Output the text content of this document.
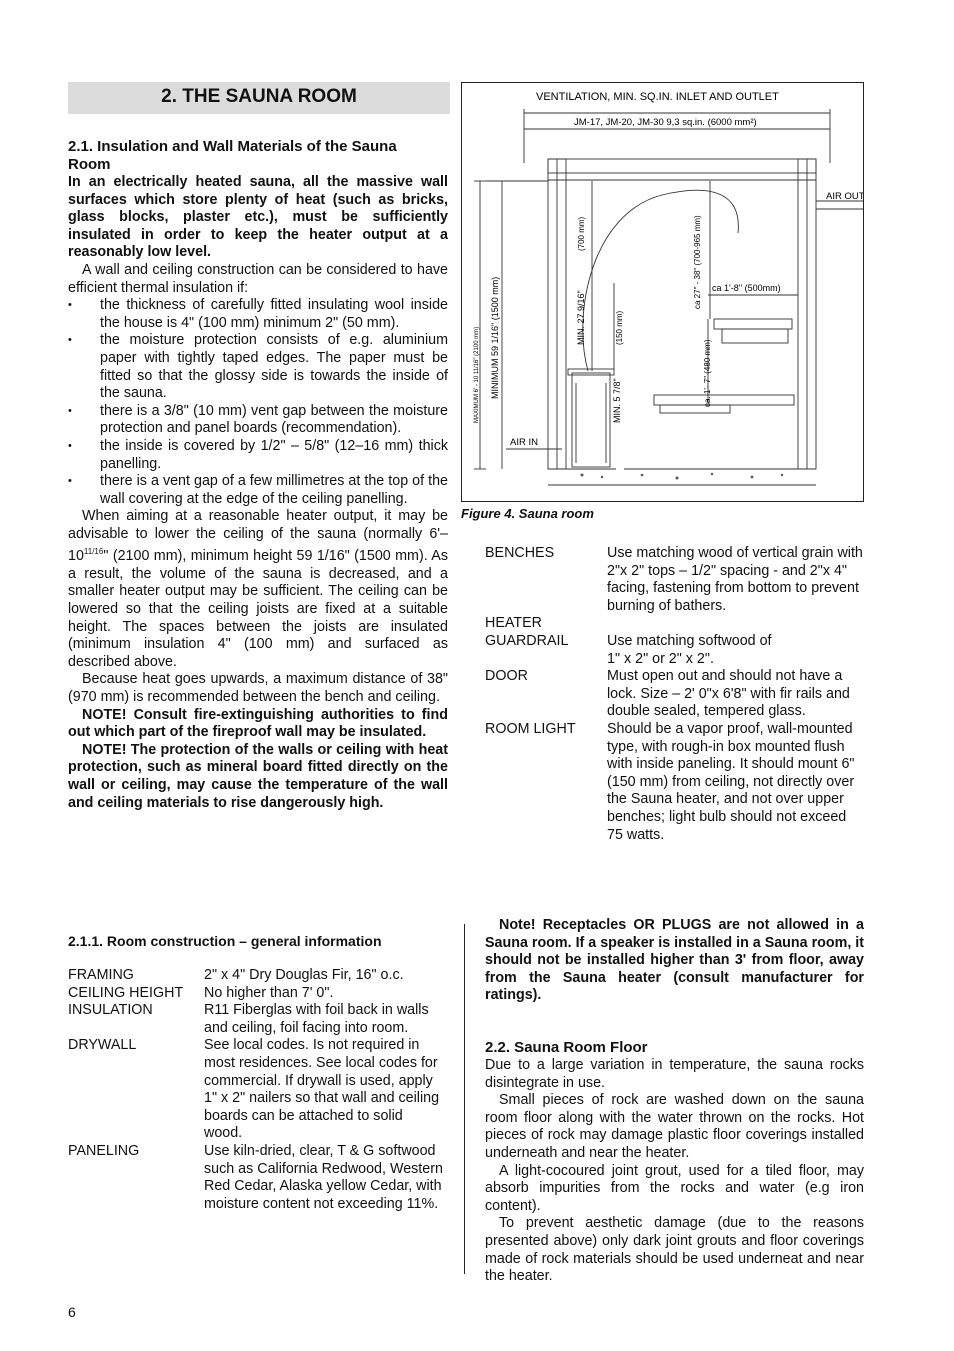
2. THE SAUNA ROOM
2.1. Insulation and Wall Materials of the Sauna Room

In an electrically heated sauna, all the massive wall surfaces which store plenty of heat (such as bricks, glass blocks, plaster etc.), must be sufficiently insulated in order to keep the heater output at a reasonably low level.

A wall and ceiling construction can be considered to have efficient thermal insulation if:

• the thickness of carefully fitted insulating wool inside the house is 4" (100 mm) minimum 2" (50 mm).
• the moisture protection consists of e.g. aluminium paper with tightly taped edges. The paper must be fitted so that the glossy side is towards the inside of the sauna.
• there is a 3/8" (10 mm) vent gap between the moisture protection and panel boards (recommendation).
• the inside is covered by 1/2" – 5/8" (12–16 mm) thick panelling.
• there is a vent gap of a few millimetres at the top of the wall covering at the edge of the ceiling panelling.

When aiming at a reasonable heater output, it may be advisable to lower the ceiling of the sauna (normally $6'-10^{11/16}$" (2100 mm), minimum height 59 1/16" (1500 mm). As a result, the volume of the sauna is decreased, and a smaller heater output may be sufficient. The ceiling can be lowered so that the ceiling joists are fixed at a suitable height. The spaces between the joists are insulated (minimum insulation 4" (100 mm) and surfaced as described above.

Because heat goes upwards, a maximum distance of 38" (970 mm) is recommended between the bench and ceiling.

NOTE! Consult fire-extinguishing authorities to find out which part of the fireproof wall may be insulated.

NOTE! The protection of the walls or ceiling with heat protection, such as mineral board fitted directly on the wall or ceiling, may cause the temperature of the wall and ceiling materials to rise dangerously high.

2.1.1. Room construction – general information
FRAMING	2" x 4" Dry Douglas Fir, 16" o.c.
CEILING HEIGHT	No higher than 7' 0".
INSULATION	R11 Fiberglas with foil back in walls and ceiling, foil facing into room.
DRYWALL	See local codes. Is not required in most residences. See local codes for commercial. If drywall is used, apply 1" x 2" nailers so that wall and ceiling boards can be attached to solid wood.
PANELING	Use kiln-dried, clear, T & G softwood such as California Redwood, Western Red Cedar, Alaska yellow Cedar, with moisture content not exceeding 11%.
6
VENTILATION, MIN. SQ.IN. INLET AND OUTLET
JM-17, JM-20, JM-30 9,3 sq.in. (6000 mm²)
AIR OUT
AIR IN
MAXIMUM 6' - 10 11/16" (2100 mm) MINIMUM 59 1/16" (1500 mm)	MIN. 27 9/16"
(700 mm)
MIN. 5 7/8"
(150 mm)
ca 27" - 38" (700-965 mm) ca 1'-8'' (500mm)
ca. 1'- 7" (480 mm)
Figure 4. Sauna room
BENCHES	Use matching wood of vertical grain with 2"x 2" tops – 1/2" spacing - and 2"x 4" facing, fastening from bottom to prevent burning of bathers.
HEATER	
GUARDRAIL	Use matching softwood of 1" x 2" or 2" x 2".
DOOR	Must open out and should not have a lock. Size – 2' 0"x 6'8" with fir rails and double sealed, tempered glass.
ROOM LIGHT	Should be a vapor proof, wall-mounted type, with rough-in box mounted flush with inside paneling. It should mount 6" (150 mm) from ceiling, not directly over the Sauna heater, and not over upper benches; light bulb should not exceed 75 watts.

Note! Receptacles OR PLUGS are not allowed in a Sauna room. If a speaker is installed in a Sauna room, it should not be installed higher than 3' from floor, away from the Sauna heater (consult manufacturer for ratings).

2.2. Sauna Room Floor

Due to a large variation in temperature, the sauna rocks disintegrate in use.

Small pieces of rock are washed down on the sauna room floor along with the water thrown on the rocks. Hot pieces of rock may damage plastic floor coverings installed underneath and near the heater.

A light-cocoured joint grout, used for a tiled floor, may absorb impurities from the rocks and water (e.g iron content).

To prevent aesthetic damage (due to the reasons presented above) only dark joint grouts and floor coverings made of rock materials should be used underneat and near the heater.
